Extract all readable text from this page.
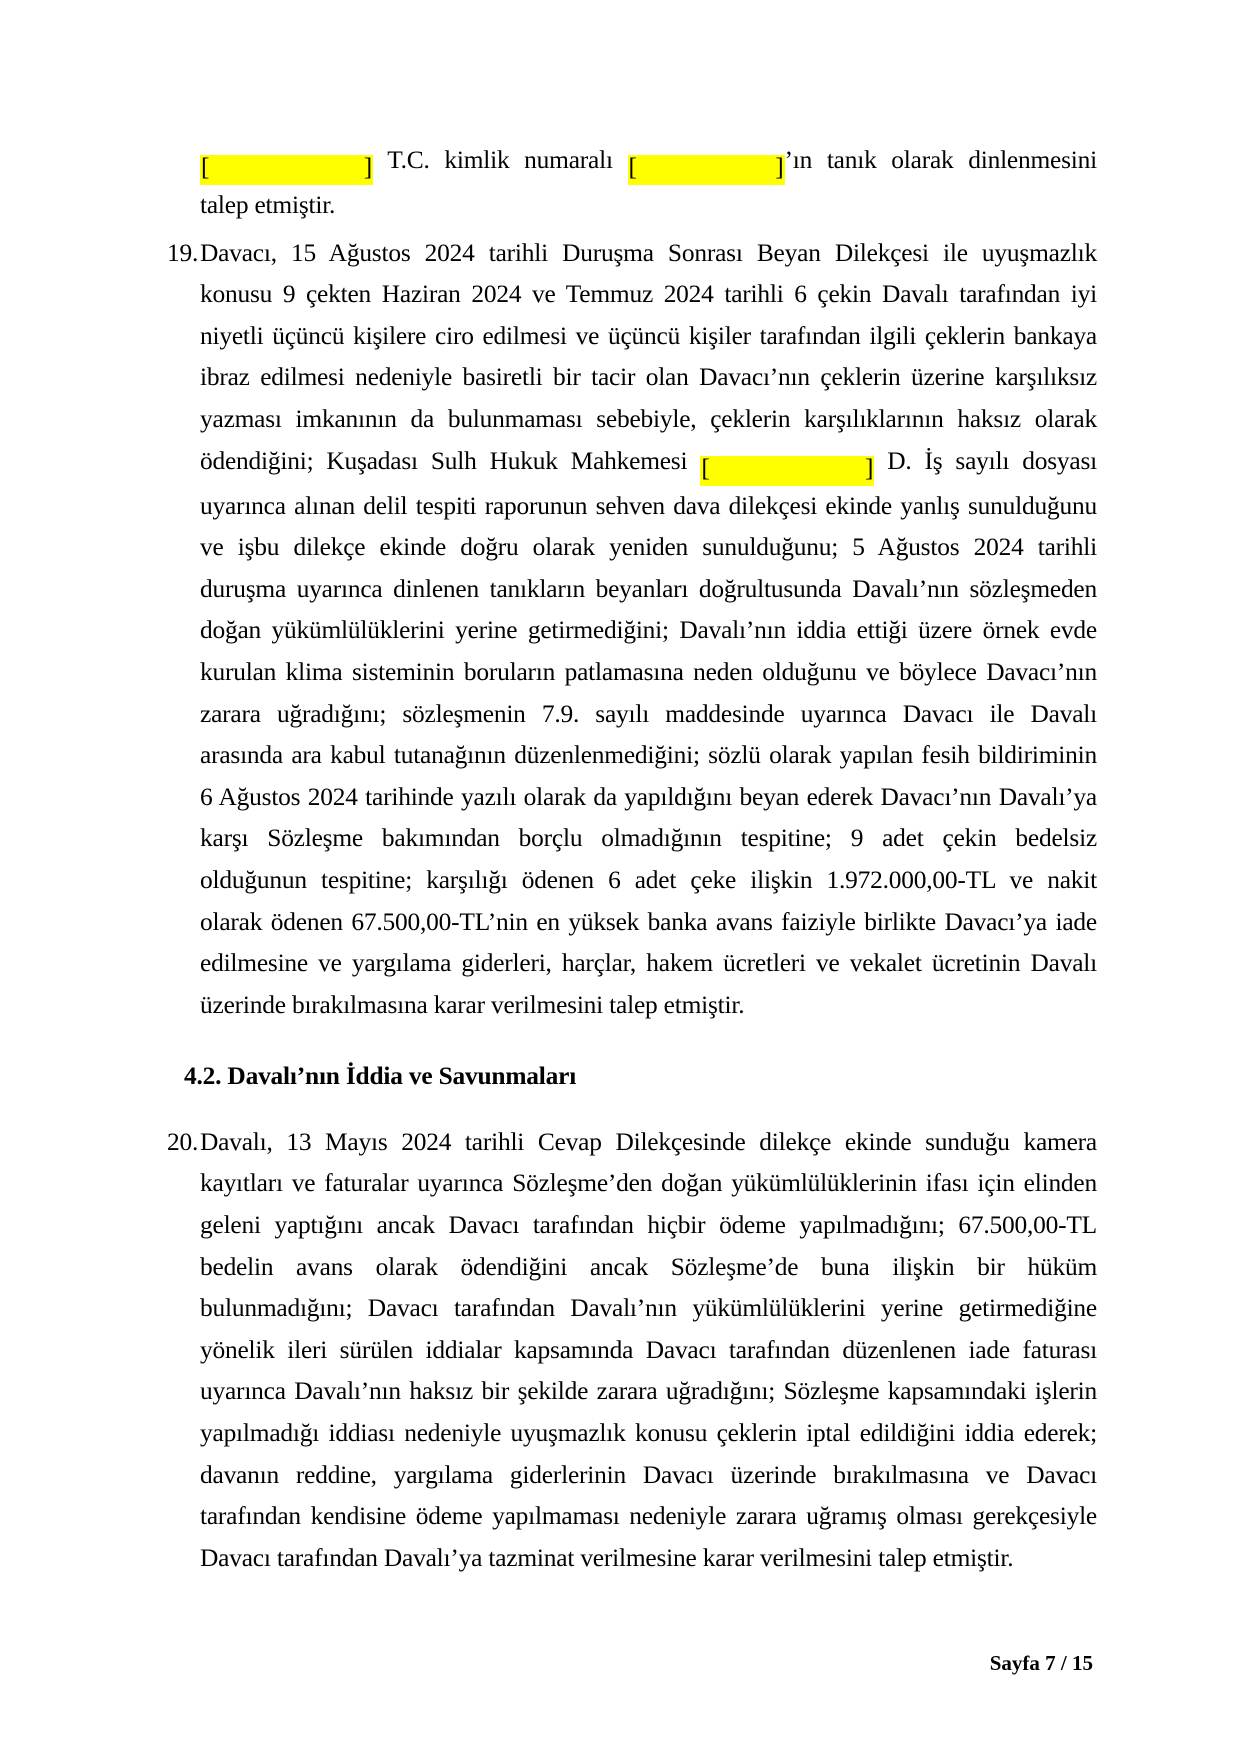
[	] T.C. kimlik numaralı [	] ’ın tanık olarak dinlenmesini
talep etmiştir.
19. Davacı, 15 Ağustos 2024 tarihli Duruşma Sonrası Beyan Dilekçesi ile uyuşmazlık
konusu 9 çekten Haziran 2024 ve Temmuz 2024 tarihli 6 çekin Davalı tarafından iyi
niyetli üçüncü kişilere ciro edilmesi ve üçüncü kişiler tarafından ilgili çeklerin bankaya
ibraz edilmesi nedeniyle basiretli bir tacir olan Davacı’nın çeklerin üzerine karşılıksız
yazması imkanının da bulunmaması sebebiyle, çeklerin karşılıklarının haksız olarak
ödendiğini; Kuşadası Sulh Hukuk Mahkemesi [	] D. İş sayılı dosyası
uyarınca alınan delil tespiti raporunun sehven dava dilekçesi ekinde yanlış sunulduğunu
ve işbu dilekçe ekinde doğru olarak yeniden sunulduğunu; 5 Ağustos 2024 tarihli
duruşma uyarınca dinlenen tanıkların beyanları doğrultusunda Davalı’nın sözleşmeden
doğan yükümlülüklerini yerine getirmediğini; Davalı’nın iddia ettiği üzere örnek evde
kurulan klima sisteminin boruların patlamasına neden olduğunu ve böylece Davacı’nın
zarara uğradığını; sözleşmenin 7.9. sayılı maddesinde uyarınca Davacı ile Davalı
arasında ara kabul tutanağının düzenlenmediğini; sözlü olarak yapılan fesih bildiriminin
6 Ağustos 2024 tarihinde yazılı olarak da yapıldığını beyan ederek Davacı’nın Davalı’ya
karşı Sözleşme bakımından borçlu olmadığının tespitine; 9 adet çekin bedelsiz
olduğunun tespitine; karşılığı ödenen 6 adet çeke ilişkin 1.972.000,00-TL ve nakit
olarak ödenen 67.500,00-TL’nin en yüksek banka avans faiziyle birlikte Davacı’ya iade
edilmesine ve yargılama giderleri, harçlar, hakem ücretleri ve vekalet ücretinin Davalı
üzerinde bırakılmasına karar verilmesini talep etmiştir.
4.2. Davalı’nın İddia ve Savunmaları
20. Davalı, 13 Mayıs 2024 tarihli Cevap Dilekçesinde dilekçe ekinde sunduğu kamera
kayıtları ve faturalar uyarınca Sözleşme’den doğan yükümlülüklerinin ifası için elinden
geleni yaptığını ancak Davacı tarafından hiçbir ödeme yapılmadığını; 67.500,00-TL
bedelin avans olarak ödendiğini ancak Sözleşme’de buna ilişkin bir hüküm
bulunmadığını; Davacı tarafından Davalı’nın yükümlülüklerini yerine getirmediğine
yönelik ileri sürülen iddialar kapsamında Davacı tarafından düzenlenen iade faturası
uyarınca Davalı’nın haksız bir şekilde zarara uğradığını; Sözleşme kapsamındaki işlerin
yapılmadığı iddiası nedeniyle uyuşmazlık konusu çeklerin iptal edildiğini iddia ederek;
davanın reddine, yargılama giderlerinin Davacı üzerinde bırakılmasına ve Davacı
tarafından kendisine ödeme yapılmaması nedeniyle zarara uğramış olması gerekçesiyle
Davacı tarafından Davalı’ya tazminat verilmesine karar verilmesini talep etmiştir.
Sayfa 7 / 15
